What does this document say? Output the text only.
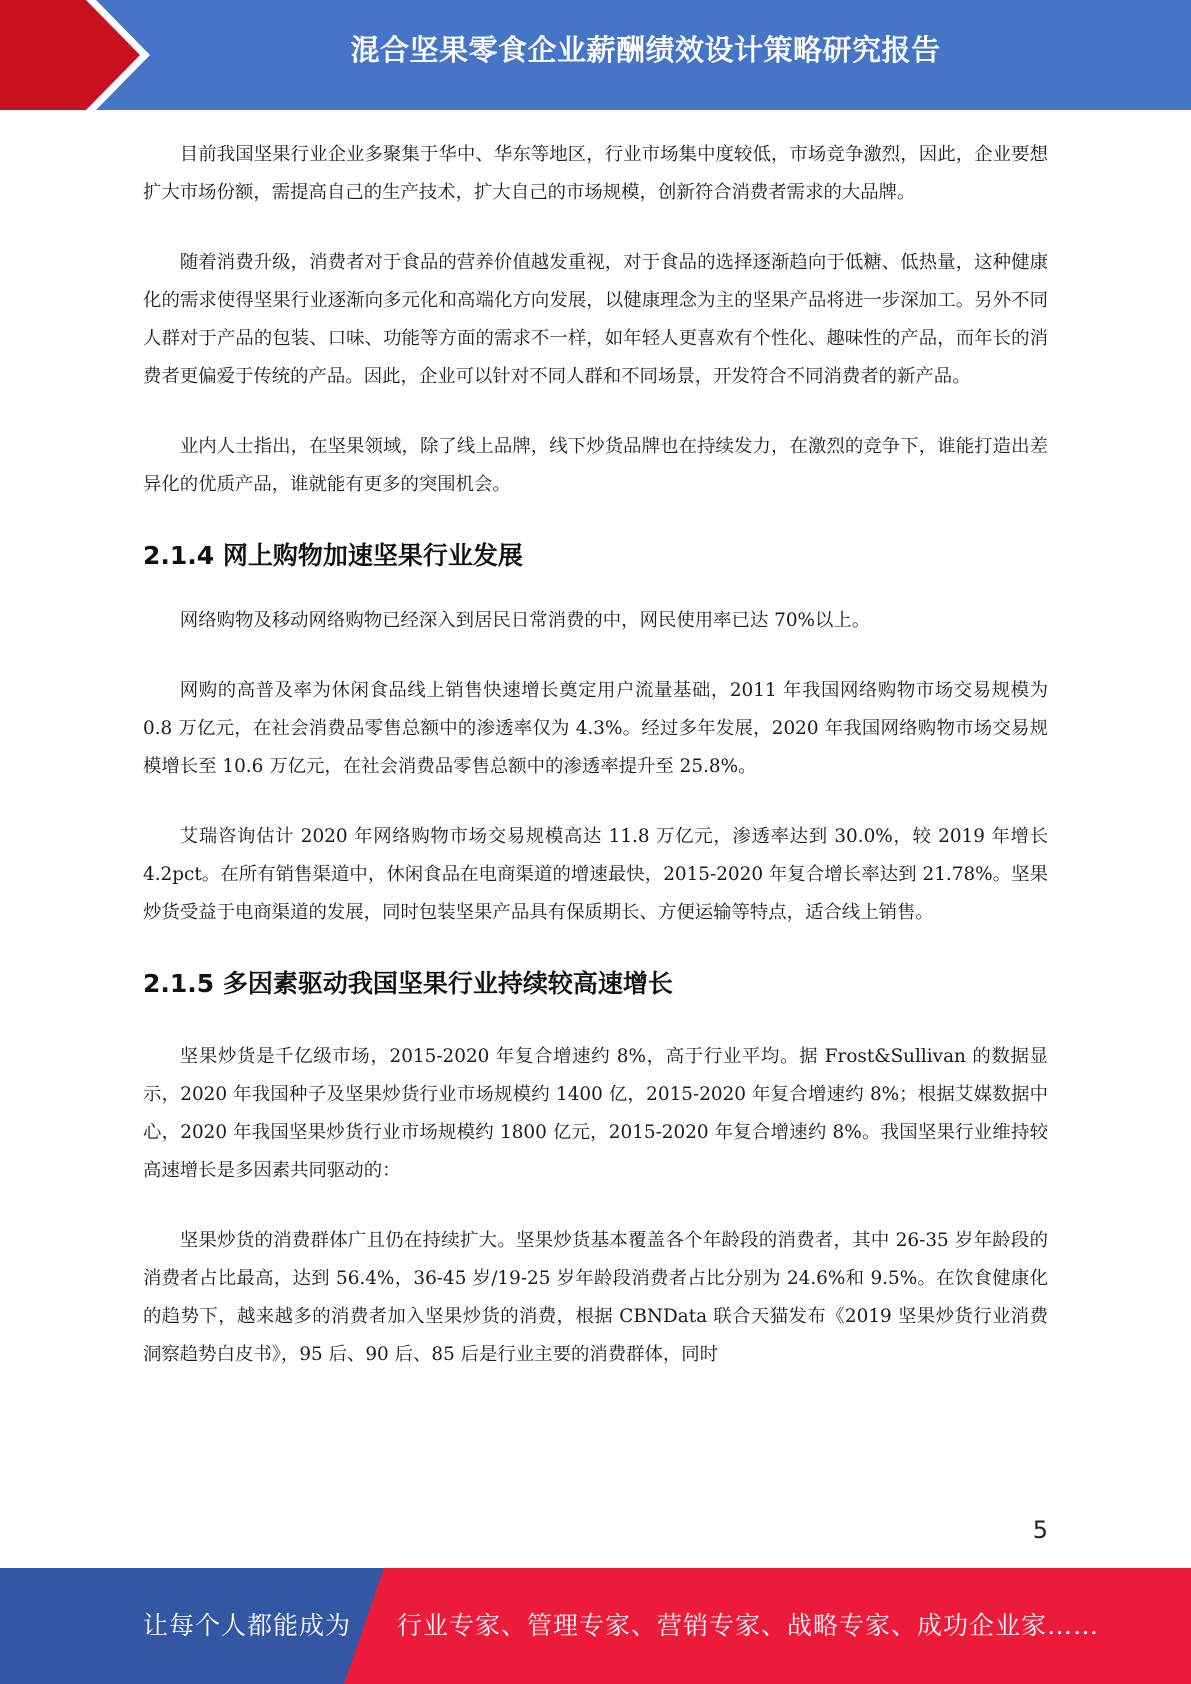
混合坚果零食企业薪酬绩效设计策略研究报告

目前我国坚果行业企业多聚集于华中、华东等地区，行业市场集中度较低，市场竞争激烈，因此，企业要想扩大市场份额，需提高自己的生产技术，扩大自己的市场规模，创新符合消费者需求的大品牌。

随着消费升级，消费者对于食品的营养价值越发重视，对于食品的选择逐渐趋向于低糖、低热量，这种健康化的需求使得坚果行业逐渐向多元化和高端化方向发展，以健康理念为主的坚果产品将进一步深加工。另外不同人群对于产品的包装、口味、功能等方面的需求不一样，如年轻人更喜欢有个性化、趣味性的产品，而年长的消费者更偏爱于传统的产品。因此，企业可以针对不同人群和不同场景，开发符合不同消费者的新产品。

业内人士指出，在坚果领域，除了线上品牌，线下炒货品牌也在持续发力，在激烈的竞争下，谁能打造出差异化的优质产品，谁就能有更多的突围机会。

2.1.4 网上购物加速坚果行业发展

网络购物及移动网络购物已经深入到居民日常消费的中，网民使用率已达 70%以上。

网购的高普及率为休闲食品线上销售快速增长奠定用户流量基础，2011 年我国网络购物市场交易规模为 0.8 万亿元，在社会消费品零售总额中的渗透率仅为 4.3%。经过多年发展，2020 年我国网络购物市场交易规模增长至 10.6 万亿元，在社会消费品零售总额中的渗透率提升至 25.8%。

艾瑞咨询估计 2020 年网络购物市场交易规模高达 11.8 万亿元，渗透率达到 30.0%，较 2019 年增长 4.2pct。在所有销售渠道中，休闲食品在电商渠道的增速最快，2015-2020 年复合增长率达到 21.78%。坚果炒货受益于电商渠道的发展，同时包装坚果产品具有保质期长、方便运输等特点，适合线上销售。

2.1.5 多因素驱动我国坚果行业持续较高速增长

坚果炒货是千亿级市场，2015-2020 年复合增速约 8%，高于行业平均。据 Frost&Sullivan 的数据显示，2020 年我国种子及坚果炒货行业市场规模约 1400 亿，2015-2020 年复合增速约 8%；根据艾媒数据中心，2020 年我国坚果炒货行业市场规模约 1800 亿元，2015-2020 年复合增速约 8%。我国坚果行业维持较高速增长是多因素共同驱动的：

坚果炒货的消费群体广且仍在持续扩大。坚果炒货基本覆盖各个年龄段的消费者，其中 26-35 岁年龄段的消费者占比最高，达到 56.4%，36-45 岁/19-25 岁年龄段消费者占比分别为 24.6%和 9.5%。在饮食健康化的趋势下，越来越多的消费者加入坚果炒货的消费，根据 CBNData 联合天猫发布《2019 坚果炒货行业消费洞察趋势白皮书》，95 后、90 后、85 后是行业主要的消费群体，同时

5
让每个人都能成为 行业专家、管理专家、营销专家、战略专家、成功企业家……
